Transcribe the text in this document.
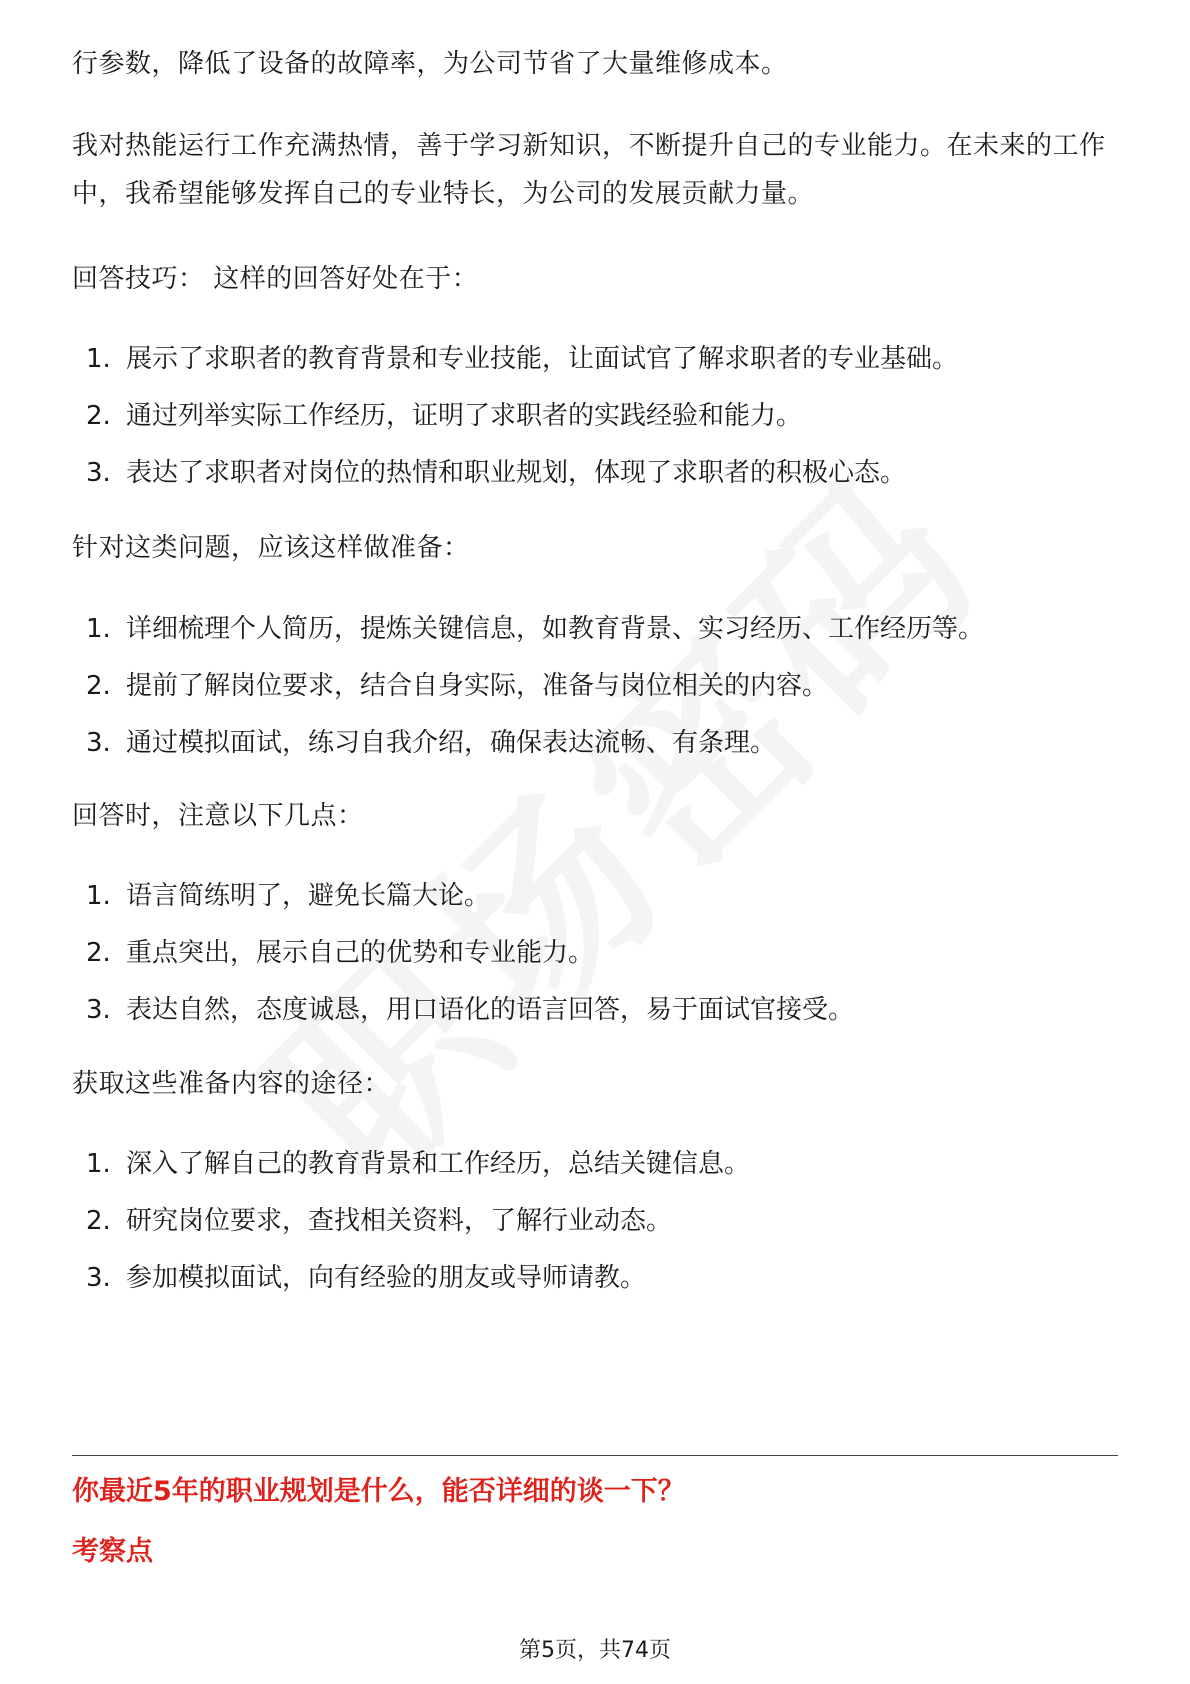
行参数，降低了设备的故障率，为公司节省了大量维修成本。

我对热能运行工作充满热情，善于学习新知识，不断提升自己的专业能力。在未来的工作中，我希望能够发挥自己的专业特长，为公司的发展贡献力量。

回答技巧： 这样的回答好处在于：

1. 展示了求职者的教育背景和专业技能，让面试官了解求职者的专业基础。
2. 通过列举实际工作经历，证明了求职者的实践经验和能力。
3. 表达了求职者对岗位的热情和职业规划，体现了求职者的积极心态。

针对这类问题，应该这样做准备：

1. 详细梳理个人简历，提炼关键信息，如教育背景、实习经历、工作经历等。
2. 提前了解岗位要求，结合自身实际，准备与岗位相关的内容。
3. 通过模拟面试，练习自我介绍，确保表达流畅、有条理。

回答时，注意以下几点：

1. 语言简练明了，避免长篇大论。
2. 重点突出，展示自己的优势和专业能力。
3. 表达自然，态度诚恳，用口语化的语言回答，易于面试官接受。

获取这些准备内容的途径：

1. 深入了解自己的教育背景和工作经历，总结关键信息。
2. 研究岗位要求，查找相关资料，了解行业动态。
3. 参加模拟面试，向有经验的朋友或导师请教。

你最近5年的职业规划是什么，能否详细的谈一下？

考察点

第5页，共74页
